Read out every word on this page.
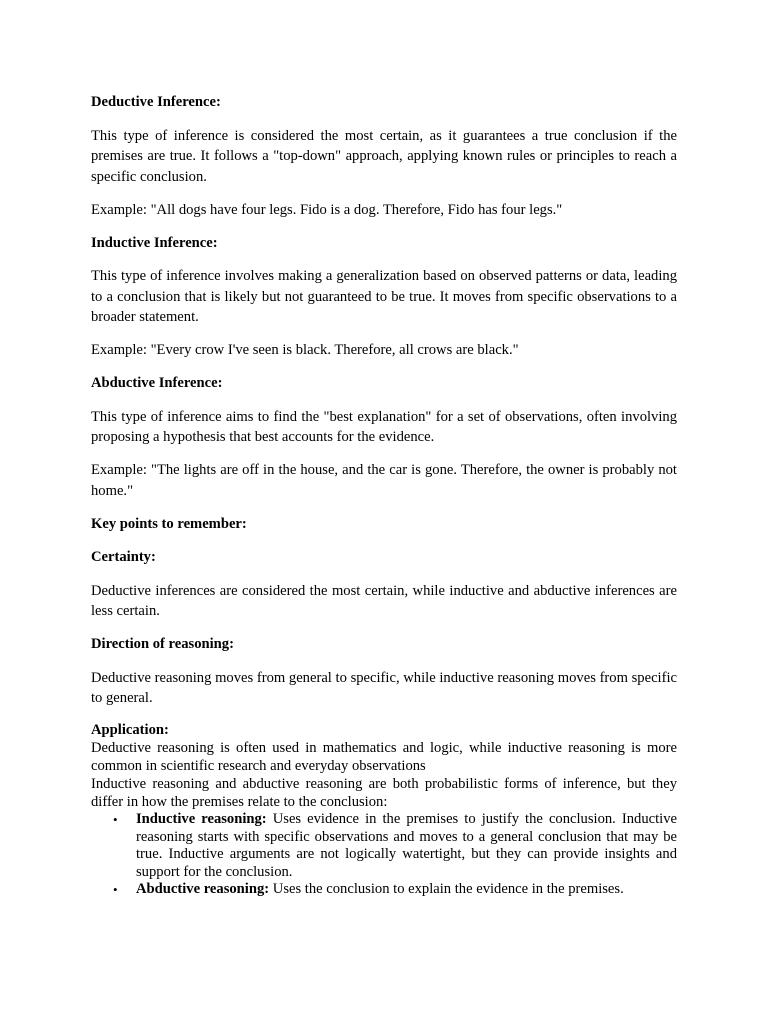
Deductive Inference:

This type of inference is considered the most certain, as it guarantees a true conclusion if the premises are true. It follows a "top-down" approach, applying known rules or principles to reach a specific conclusion.

Example: "All dogs have four legs. Fido is a dog. Therefore, Fido has four legs."

Inductive Inference:

This type of inference involves making a generalization based on observed patterns or data, leading to a conclusion that is likely but not guaranteed to be true. It moves from specific observations to a broader statement.

Example: "Every crow I've seen is black. Therefore, all crows are black."

Abductive Inference:

This type of inference aims to find the "best explanation" for a set of observations, often involving proposing a hypothesis that best accounts for the evidence.

Example: "The lights are off in the house, and the car is gone. Therefore, the owner is probably not home."

Key points to remember:
Certainty:

Deductive inferences are considered the most certain, while inductive and abductive inferences are less certain.

Direction of reasoning:

Deductive reasoning moves from general to specific, while inductive reasoning moves from specific to general.

Application:

Deductive reasoning is often used in mathematics and logic, while inductive reasoning is more common in scientific research and everyday observations

Inductive reasoning and abductive reasoning are both probabilistic forms of inference, but they differ in how the premises relate to the conclusion:

• Inductive reasoning: Uses evidence in the premises to justify the conclusion. Inductive reasoning starts with specific observations and moves to a general conclusion that may be true. Inductive arguments are not logically watertight, but they can provide insights and support for the conclusion.
• Abductive reasoning: Uses the conclusion to explain the evidence in the premises.
